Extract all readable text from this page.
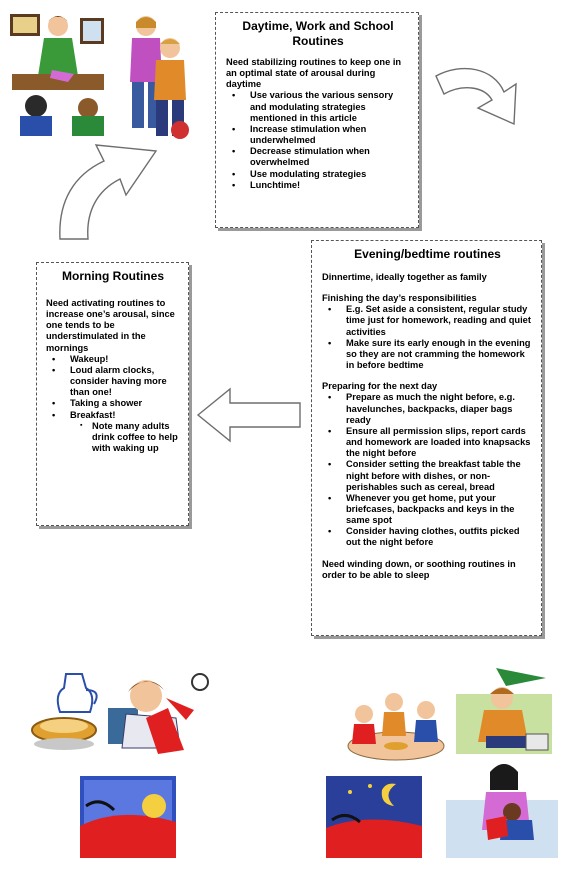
Daytime, Work and School Routines

Need stabilizing routines to keep one in an optimal state of arousal during daytime

• Use various the various sensory and modulating strategies mentioned in this article
• Increase stimulation when underwhelmed
• Decrease stimulation when overwhelmed
• Use modulating strategies
• Lunchtime!
Morning Routines

Need activating routines to increase one’s arousal, since one tends to be understimulated in the mornings

• Wakeup!
• Loud alarm clocks, consider having more than one!
• Taking a shower
• Breakfast!
▪ Note many adults drink coffee to help with waking up
Evening/bedtime routines

Dinnertime, ideally together as family

Finishing the day’s responsibilities

• E.g. Set aside a consistent, regular study time just for homework, reading and quiet activities
• Make sure its early enough in the evening so they are not cramming the homework in before bedtime

Preparing for the next day

• Prepare as much the night before, e.g. havelunches, backpacks, diaper bags ready
• Ensure all permission slips, report cards and homework are loaded into knapsacks the night before
• Consider setting the breakfast table the night before with dishes, or non-perishables such as cereal, bread
• Whenever you get home, put your briefcases, backpacks and keys in the same spot
• Consider having clothes, outfits picked out the night before

Need winding down, or soothing routines in order to be able to sleep
